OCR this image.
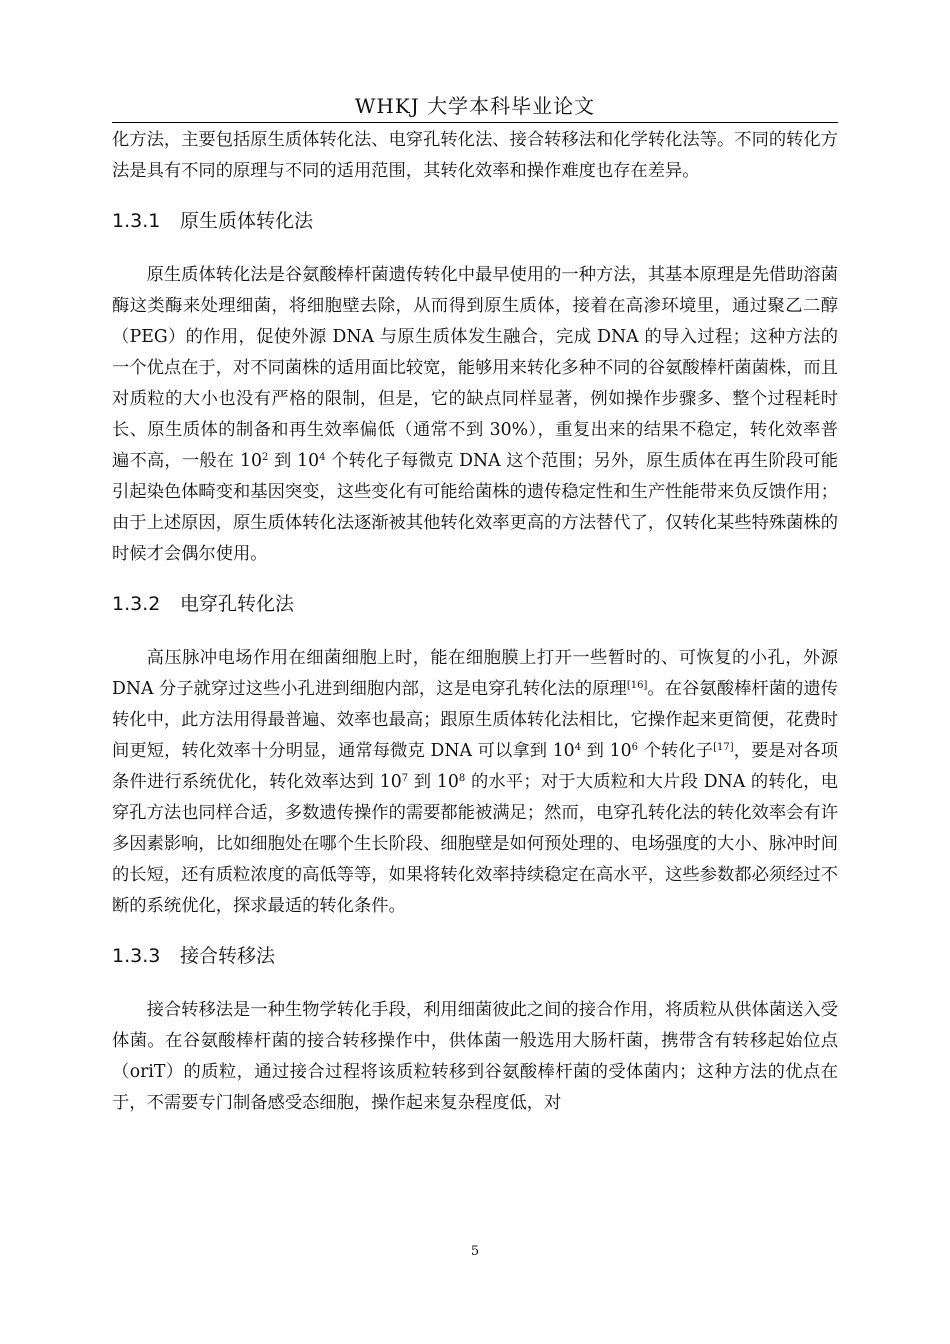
WHKJ 大学本科毕业论文

化方法，主要包括原生质体转化法、电穿孔转化法、接合转移法和化学转化法等。不同的转化方法是具有不同的原理与不同的适用范围，其转化效率和操作难度也存在差异。

1.3.1 原生质体转化法

原生质体转化法是谷氨酸棒杆菌遗传转化中最早使用的一种方法，其基本原理是先借助溶菌酶这类酶来处理细菌，将细胞壁去除，从而得到原生质体，接着在高渗环境里，通过聚乙二醇（PEG）的作用，促使外源 DNA 与原生质体发生融合，完成 DNA 的导入过程；这种方法的一个优点在于，对不同菌株的适用面比较宽，能够用来转化多种不同的谷氨酸棒杆菌菌株，而且对质粒的大小也没有严格的限制，但是，它的缺点同样显著，例如操作步骤多、整个过程耗时长、原生质体的制备和再生效率偏低（通常不到 30%），重复出来的结果不稳定，转化效率普遍不高，一般在 $10^2$ 到 $10^4$ 个转化子每微克 DNA 这个范围；另外，原生质体在再生阶段可能引起染色体畸变和基因突变，这些变化有可能给菌株的遗传稳定性和生产性能带来负反馈作用；由于上述原因，原生质体转化法逐渐被其他转化效率更高的方法替代了，仅转化某些特殊菌株的时候才会偶尔使用。

1.3.2 电穿孔转化法

高压脉冲电场作用在细菌细胞上时，能在细胞膜上打开一些暂时的、可恢复的小孔，外源 DNA 分子就穿过这些小孔进到细胞内部，这是电穿孔转化法的原理[16]。在谷氨酸棒杆菌的遗传转化中，此方法用得最普遍、效率也最高；跟原生质体转化法相比，它操作起来更简便，花费时间更短，转化效率十分明显，通常每微克 DNA 可以拿到 $10^4$ 到 $10^6$ 个转化子[17]，要是对各项条件进行系统优化，转化效率达到 $10^7$ 到 $10^8$ 的水平；对于大质粒和大片段 DNA 的转化，电穿孔方法也同样合适，多数遗传操作的需要都能被满足；然而，电穿孔转化法的转化效率会有许多因素影响，比如细胞处在哪个生长阶段、细胞壁是如何预处理的、电场强度的大小、脉冲时间的长短，还有质粒浓度的高低等等，如果将转化效率持续稳定在高水平，这些参数都必须经过不断的系统优化，探求最适的转化条件。

1.3.3 接合转移法

接合转移法是一种生物学转化手段，利用细菌彼此之间的接合作用，将质粒从供体菌送入受体菌。在谷氨酸棒杆菌的接合转移操作中，供体菌一般选用大肠杆菌，携带含有转移起始位点（oriT）的质粒，通过接合过程将该质粒转移到谷氨酸棒杆菌的受体菌内；这种方法的优点在于，不需要专门制备感受态细胞，操作起来复杂程度低，对

5
